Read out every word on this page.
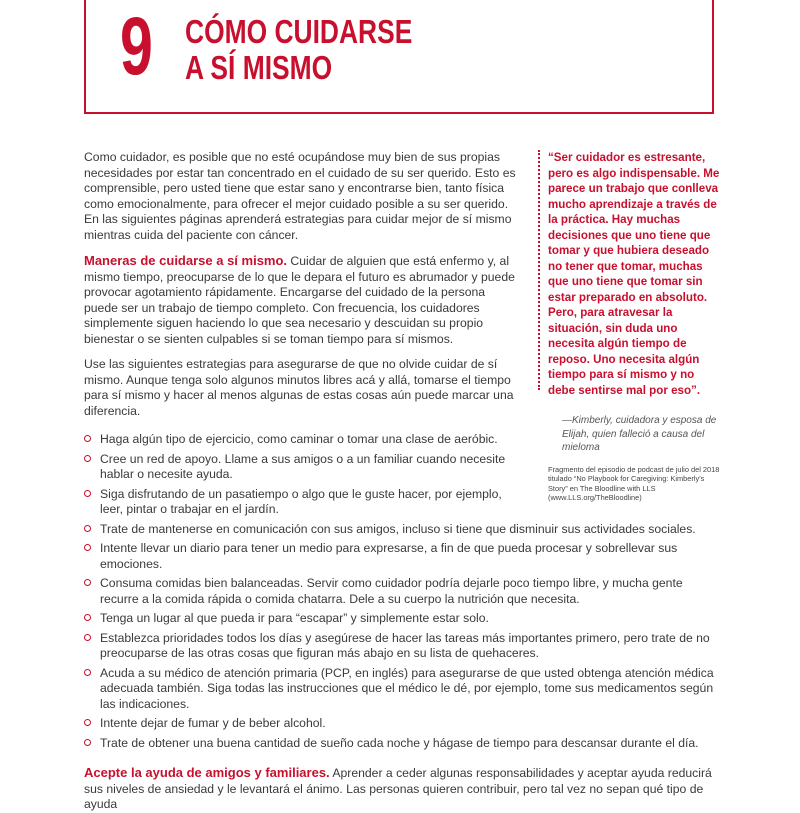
9 CÓMO CUIDARSE
A SÍ MISMO

Como cuidador, es posible que no esté ocupándose muy bien de sus propias necesidades por estar tan concentrado en el cuidado de su ser querido. Esto es comprensible, pero usted tiene que estar sano y encontrarse bien, tanto física como emocionalmente, para ofrecer el mejor cuidado posible a su ser querido. En las siguientes páginas aprenderá estrategias para cuidar mejor de sí mismo mientras cuida del paciente con cáncer.

Maneras de cuidarse a sí mismo. Cuidar de alguien que está enfermo y, al mismo tiempo, preocuparse de lo que le depara el futuro es abrumador y puede provocar agotamiento rápidamente. Encargarse del cuidado de la persona puede ser un trabajo de tiempo completo. Con frecuencia, los cuidadores simplemente siguen haciendo lo que sea necesario y descuidan su propio bienestar o se sienten culpables si se toman tiempo para sí mismos.

Use las siguientes estrategias para asegurarse de que no olvide cuidar de sí mismo. Aunque tenga solo algunos minutos libres acá y allá, tomarse el tiempo para sí mismo y hacer al menos algunas de estas cosas aún puede marcar una diferencia.

“Ser cuidador es estresante, pero es algo indispensable. Me parece un trabajo que conlleva mucho aprendizaje a través de la práctica. Hay muchas decisiones que uno tiene que tomar y que hubiera deseado no tener que tomar, muchas que uno tiene que tomar sin estar preparado en absoluto. Pero, para atravesar la situación, sin duda uno necesita algún tiempo de reposo. Uno necesita algún tiempo para sí mismo y no debe sentirse mal por eso”.

—Kimberly, cuidadora y esposa de Elijah, quien falleció a causa del mieloma

Fragmento del episodio de podcast de julio del 2018 titulado “No Playbook for Caregiving: Kimberly’s Story” en The Bloodline with LLS (www.LLS.org/TheBloodline)

Haga algún tipo de ejercicio, como caminar o tomar una clase de aeróbic.
Cree un red de apoyo. Llame a sus amigos o a un familiar cuando necesite hablar o necesite ayuda.
Siga disfrutando de un pasatiempo o algo que le guste hacer, por ejemplo, leer, pintar o trabajar en el jardín.
Trate de mantenerse en comunicación con sus amigos, incluso si tiene que disminuir sus actividades sociales.
Intente llevar un diario para tener un medio para expresarse, a fin de que pueda procesar y sobrellevar sus emociones.
Consuma comidas bien balanceadas. Servir como cuidador podría dejarle poco tiempo libre, y mucha gente recurre a la comida rápida o comida chatarra. Dele a su cuerpo la nutrición que necesita.
Tenga un lugar al que pueda ir para “escapar” y simplemente estar solo.
Establezca prioridades todos los días y asegúrese de hacer las tareas más importantes primero, pero trate de no preocuparse de las otras cosas que figuran más abajo en su lista de quehaceres.
Acuda a su médico de atención primaria (PCP, en inglés) para asegurarse de que usted obtenga atención médica adecuada también. Siga todas las instrucciones que el médico le dé, por ejemplo, tome sus medicamentos según las indicaciones.
Intente dejar de fumar y de beber alcohol.
Trate de obtener una buena cantidad de sueño cada noche y hágase de tiempo para descansar durante el día.
Acepte la ayuda de amigos y familiares. Aprender a ceder algunas responsabilidades y aceptar ayuda reducirá sus niveles de ansiedad y le levantará el ánimo. Las personas quieren contribuir, pero tal vez no sepan qué tipo de ayuda
